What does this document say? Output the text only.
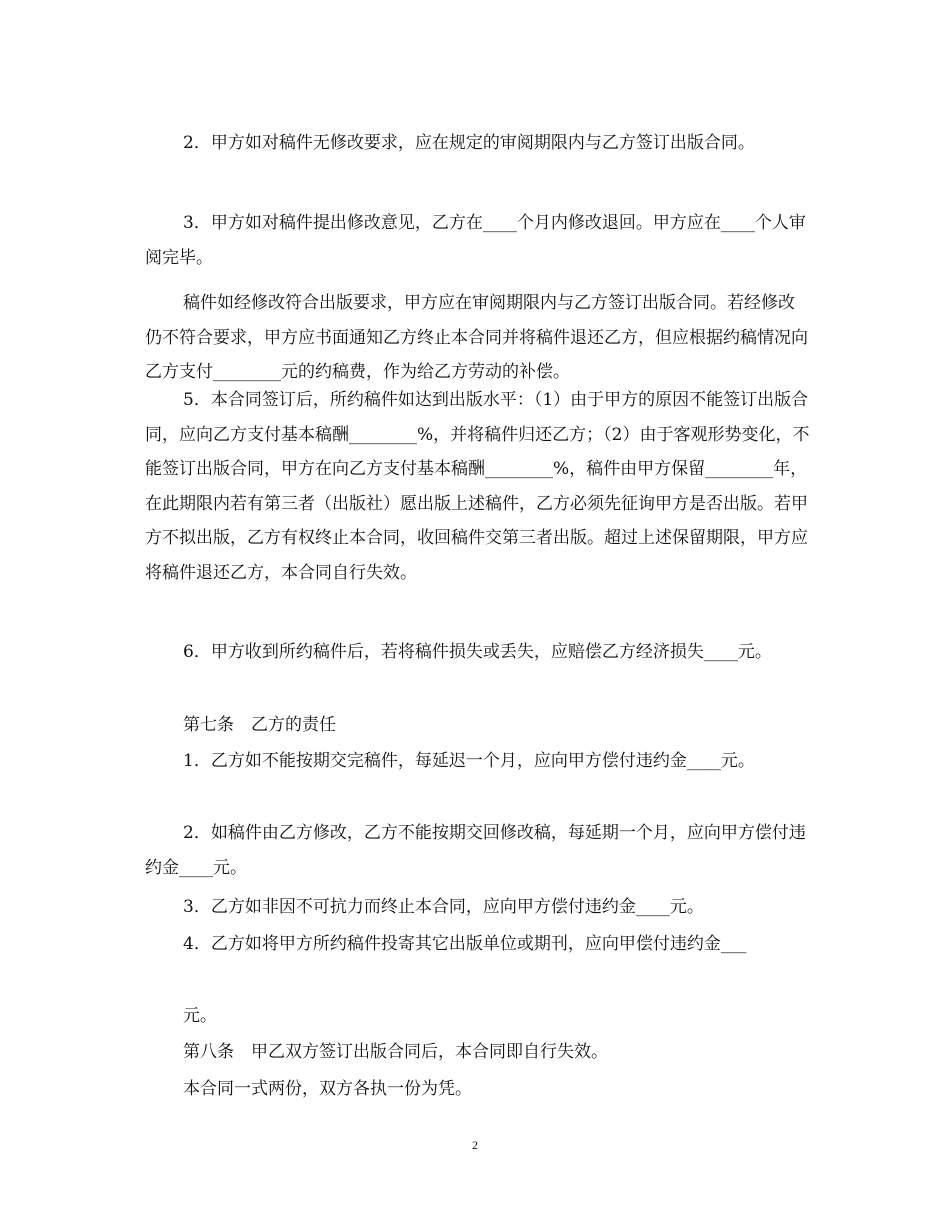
2．甲方如对稿件无修改要求，应在规定的审阅期限内与乙方签订出版合同。

3．甲方如对稿件提出修改意见，乙方在____个月内修改退回。甲方应在____个人审阅完毕。

稿件如经修改符合出版要求，甲方应在审阅期限内与乙方签订出版合同。若经修改仍不符合要求，甲方应书面通知乙方终止本合同并将稿件退还乙方，但应根据约稿情况向乙方支付________元的约稿费，作为给乙方劳动的补偿。

5．本合同签订后，所约稿件如达到出版水平：（1）由于甲方的原因不能签订出版合同，应向乙方支付基本稿酬________%，并将稿件归还乙方；（2）由于客观形势变化，不能签订出版合同，甲方在向乙方支付基本稿酬________%，稿件由甲方保留________年，在此期限内若有第三者（出版社）愿出版上述稿件，乙方必须先征询甲方是否出版。若甲方不拟出版，乙方有权终止本合同，收回稿件交第三者出版。超过上述保留期限，甲方应将稿件退还乙方，本合同自行失效。

6．甲方收到所约稿件后，若将稿件损失或丢失，应赔偿乙方经济损失____元。

第七条　乙方的责任

1．乙方如不能按期交完稿件，每延迟一个月，应向甲方偿付违约金____元。

2．如稿件由乙方修改，乙方不能按期交回修改稿，每延期一个月，应向甲方偿付违约金____元。

3．乙方如非因不可抗力而终止本合同，应向甲方偿付违约金____元。

4．乙方如将甲方所约稿件投寄其它出版单位或期刊，应向甲偿付违约金___

元。

第八条　甲乙双方签订出版合同后，本合同即自行失效。

本合同一式两份，双方各执一份为凭。

2
